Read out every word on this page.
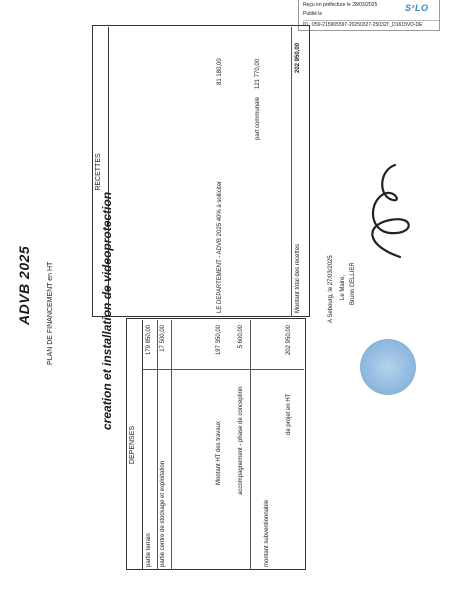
Reçu en préfecture le 28/03/2025
Publié le
S²LO
ID : 059-215905597-20250327-25032Г_D1615VD-DE
ADVB 2025 PLAN DE FINANCEMENT en HT	creation et installation de videoprotection
DEPENSES
partie terrain
179 850,00
partie centre de stockage et exploitation
17 500,00
Montant HT des travaux
197 350,00
accompagnement - phase de conception
5 600,00
montant subventionnable
de projet en HT
202 950,00
RECETTES
LE DEPARTEMENT - ADVB 2025 40% à solliciter
81 180,00
part communale
121 770,00
Montant total des recettes
202 950,00
A Sebourg, le 27/03/2025 Le Maire, Bruno CELLIER
